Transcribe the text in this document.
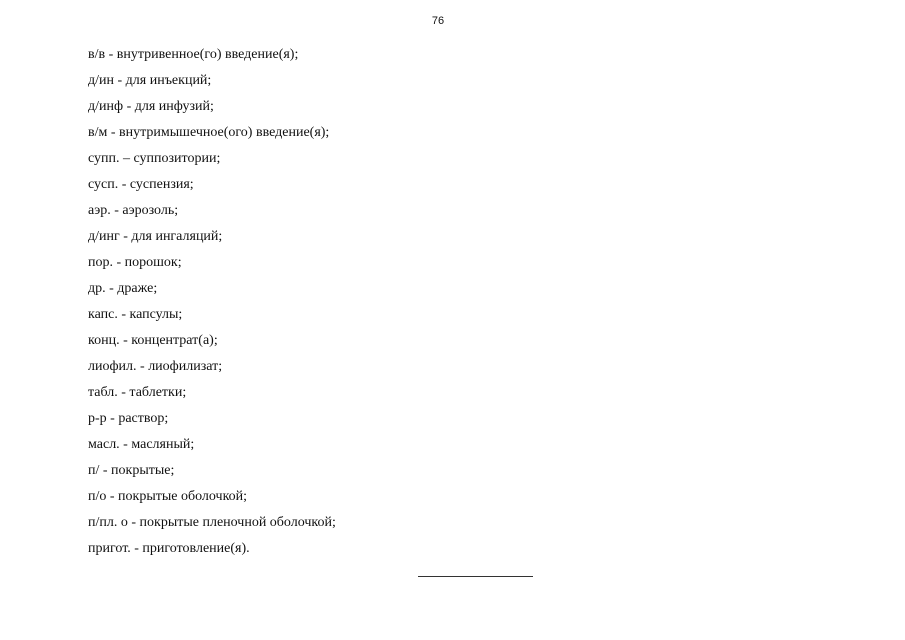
76
в/в - внутривенное(го) введение(я);
д/ин - для инъекций;
д/инф - для инфузий;
в/м - внутримышечное(ого) введение(я);
супп. – суппозитории;
сусп. - суспензия;
аэр. - аэрозоль;
д/инг - для ингаляций;
пор. - порошок;
др. - драже;
капс. - капсулы;
конц. - концентрат(а);
лиофил. - лиофилизат;
табл. - таблетки;
р-р - раствор;
масл. - масляный;
п/ - покрытые;
п/о - покрытые оболочкой;
п/пл. о - покрытые пленочной оболочкой;
пригот. - приготовление(я).
